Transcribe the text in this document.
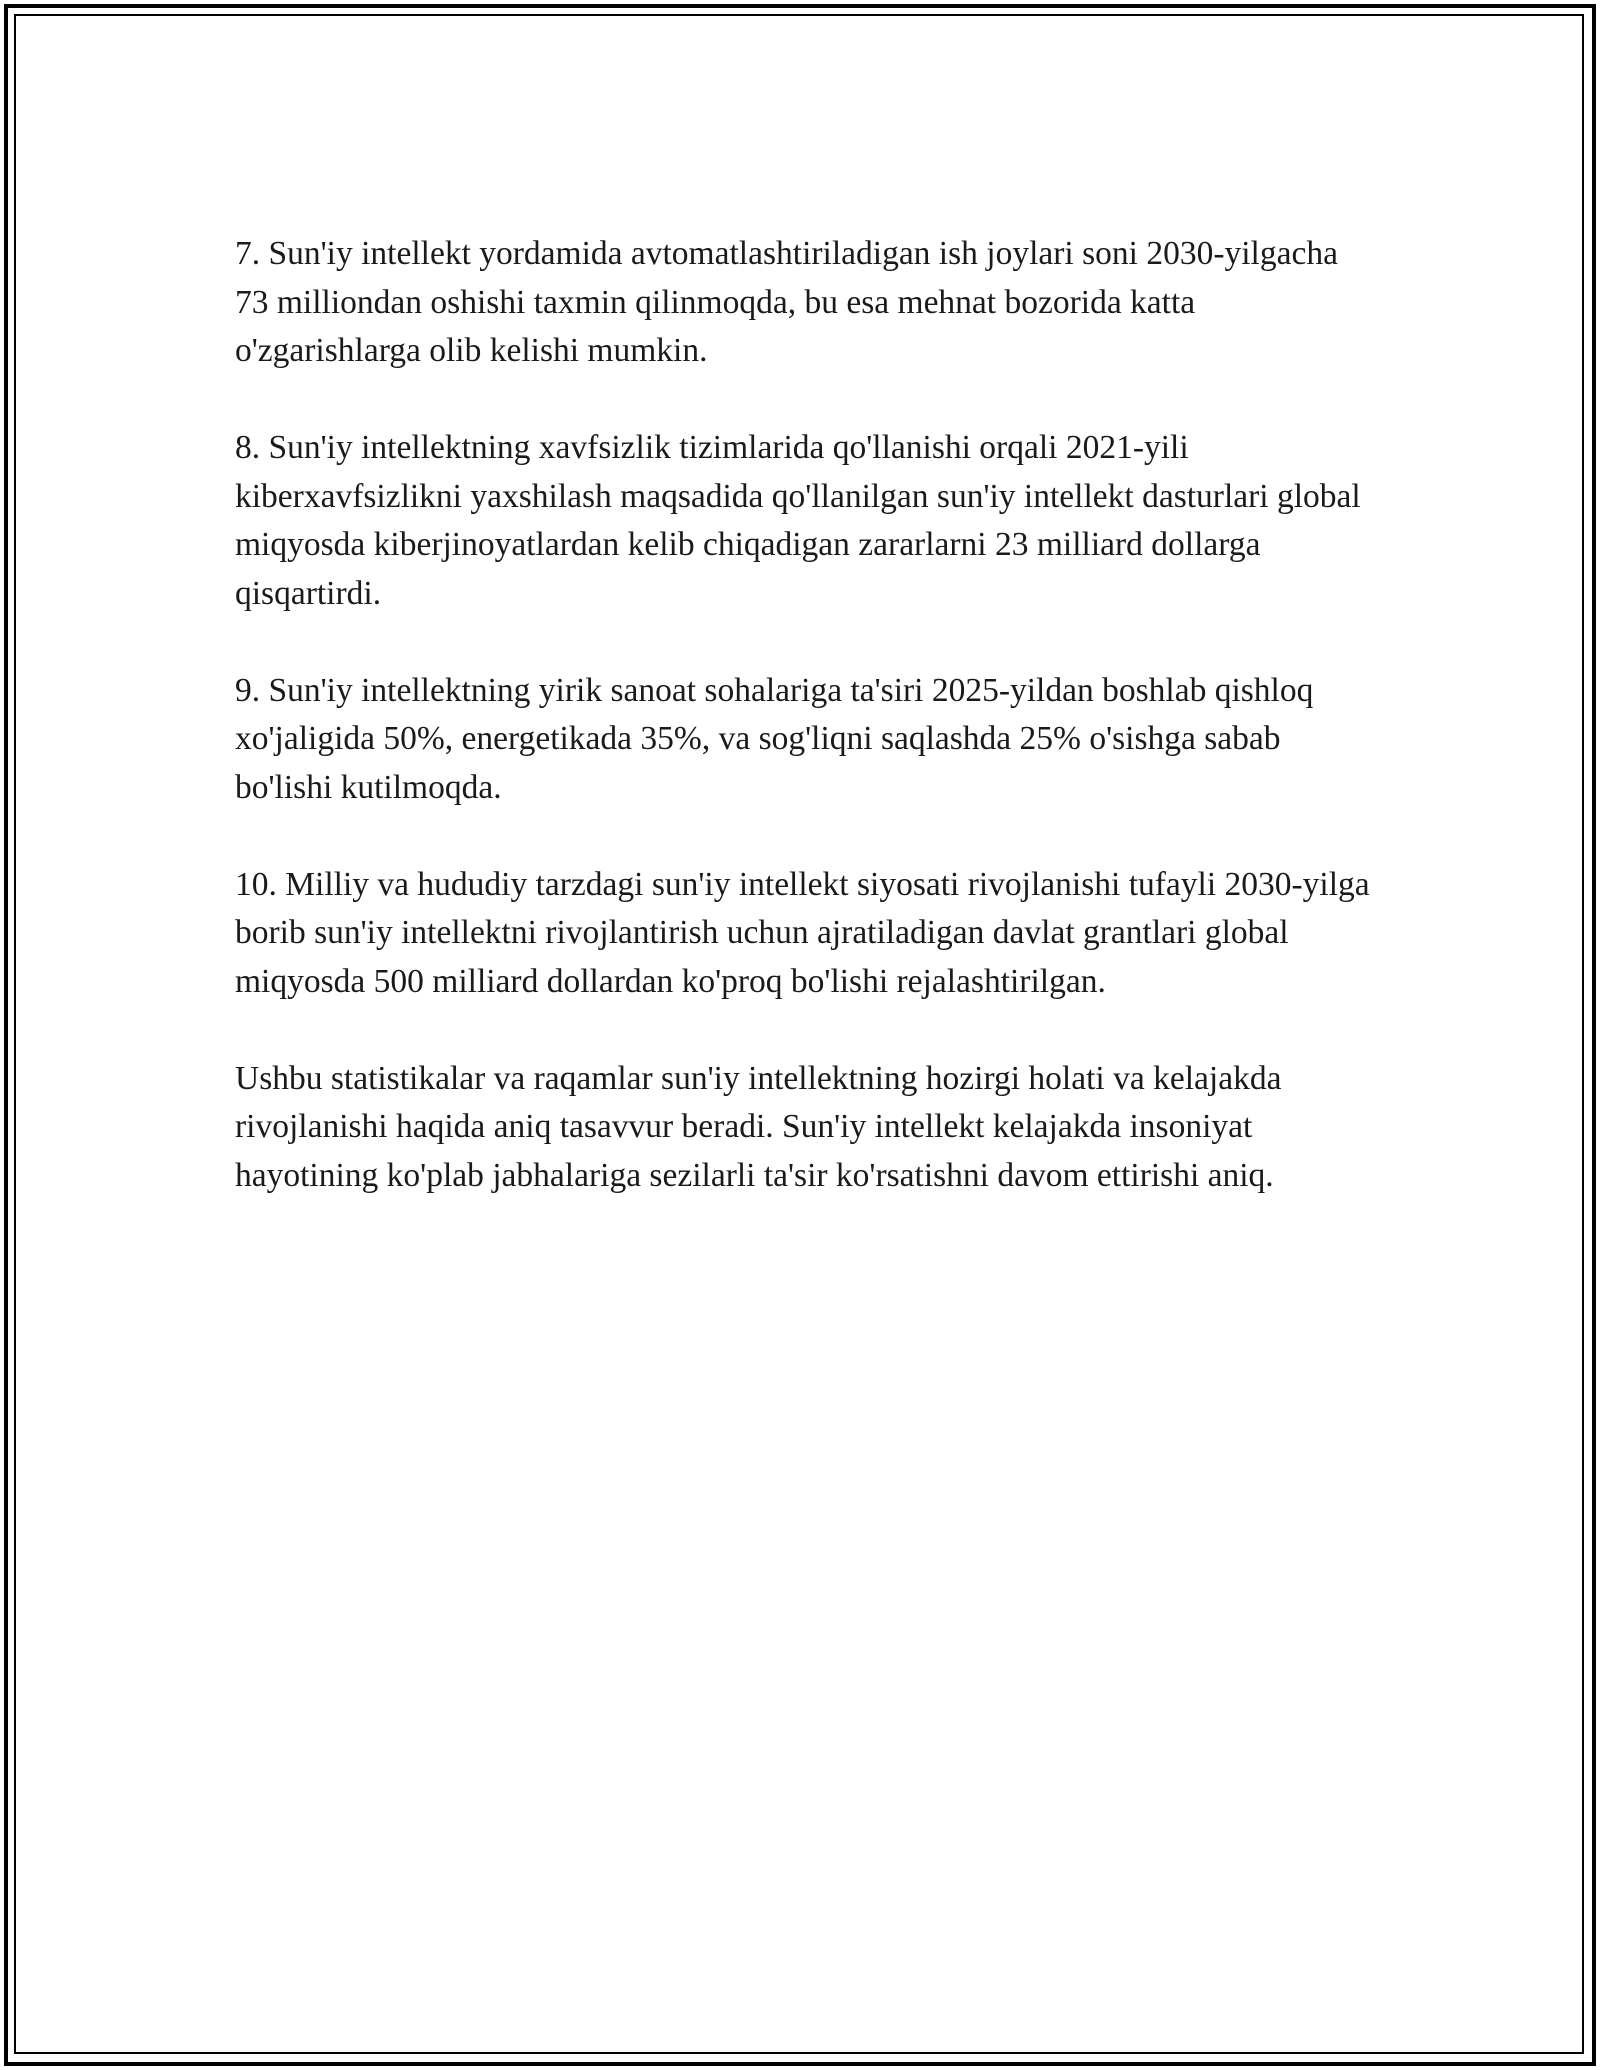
7. Sun'iy intellekt yordamida avtomatlashtiriladigan ish joylari soni 2030-yilgacha 73 milliondan oshishi taxmin qilinmoqda, bu esa mehnat bozorida katta o'zgarishlarga olib kelishi mumkin.

8. Sun'iy intellektning xavfsizlik tizimlarida qo'llanishi orqali 2021-yili kiberxavfsizlikni yaxshilash maqsadida qo'llanilgan sun'iy intellekt dasturlari global miqyosda kiberjinoyatlardan kelib chiqadigan zararlarni 23 milliard dollarga qisqartirdi.

9. Sun'iy intellektning yirik sanoat sohalariga ta'siri 2025-yildan boshlab qishloq xo'jaligida 50%, energetikada 35%, va sog'liqni saqlashda 25% o'sishga sabab bo'lishi kutilmoqda.

10. Milliy va hududiy tarzdagi sun'iy intellekt siyosati rivojlanishi tufayli 2030-yilga borib sun'iy intellektni rivojlantirish uchun ajratiladigan davlat grantlari global miqyosda 500 milliard dollardan ko'proq bo'lishi rejalashtirilgan.

Ushbu statistikalar va raqamlar sun'iy intellektning hozirgi holati va kelajakda rivojlanishi haqida aniq tasavvur beradi. Sun'iy intellekt kelajakda insoniyat hayotining ko'plab jabhalariga sezilarli ta'sir ko'rsatishni davom ettirishi aniq.
